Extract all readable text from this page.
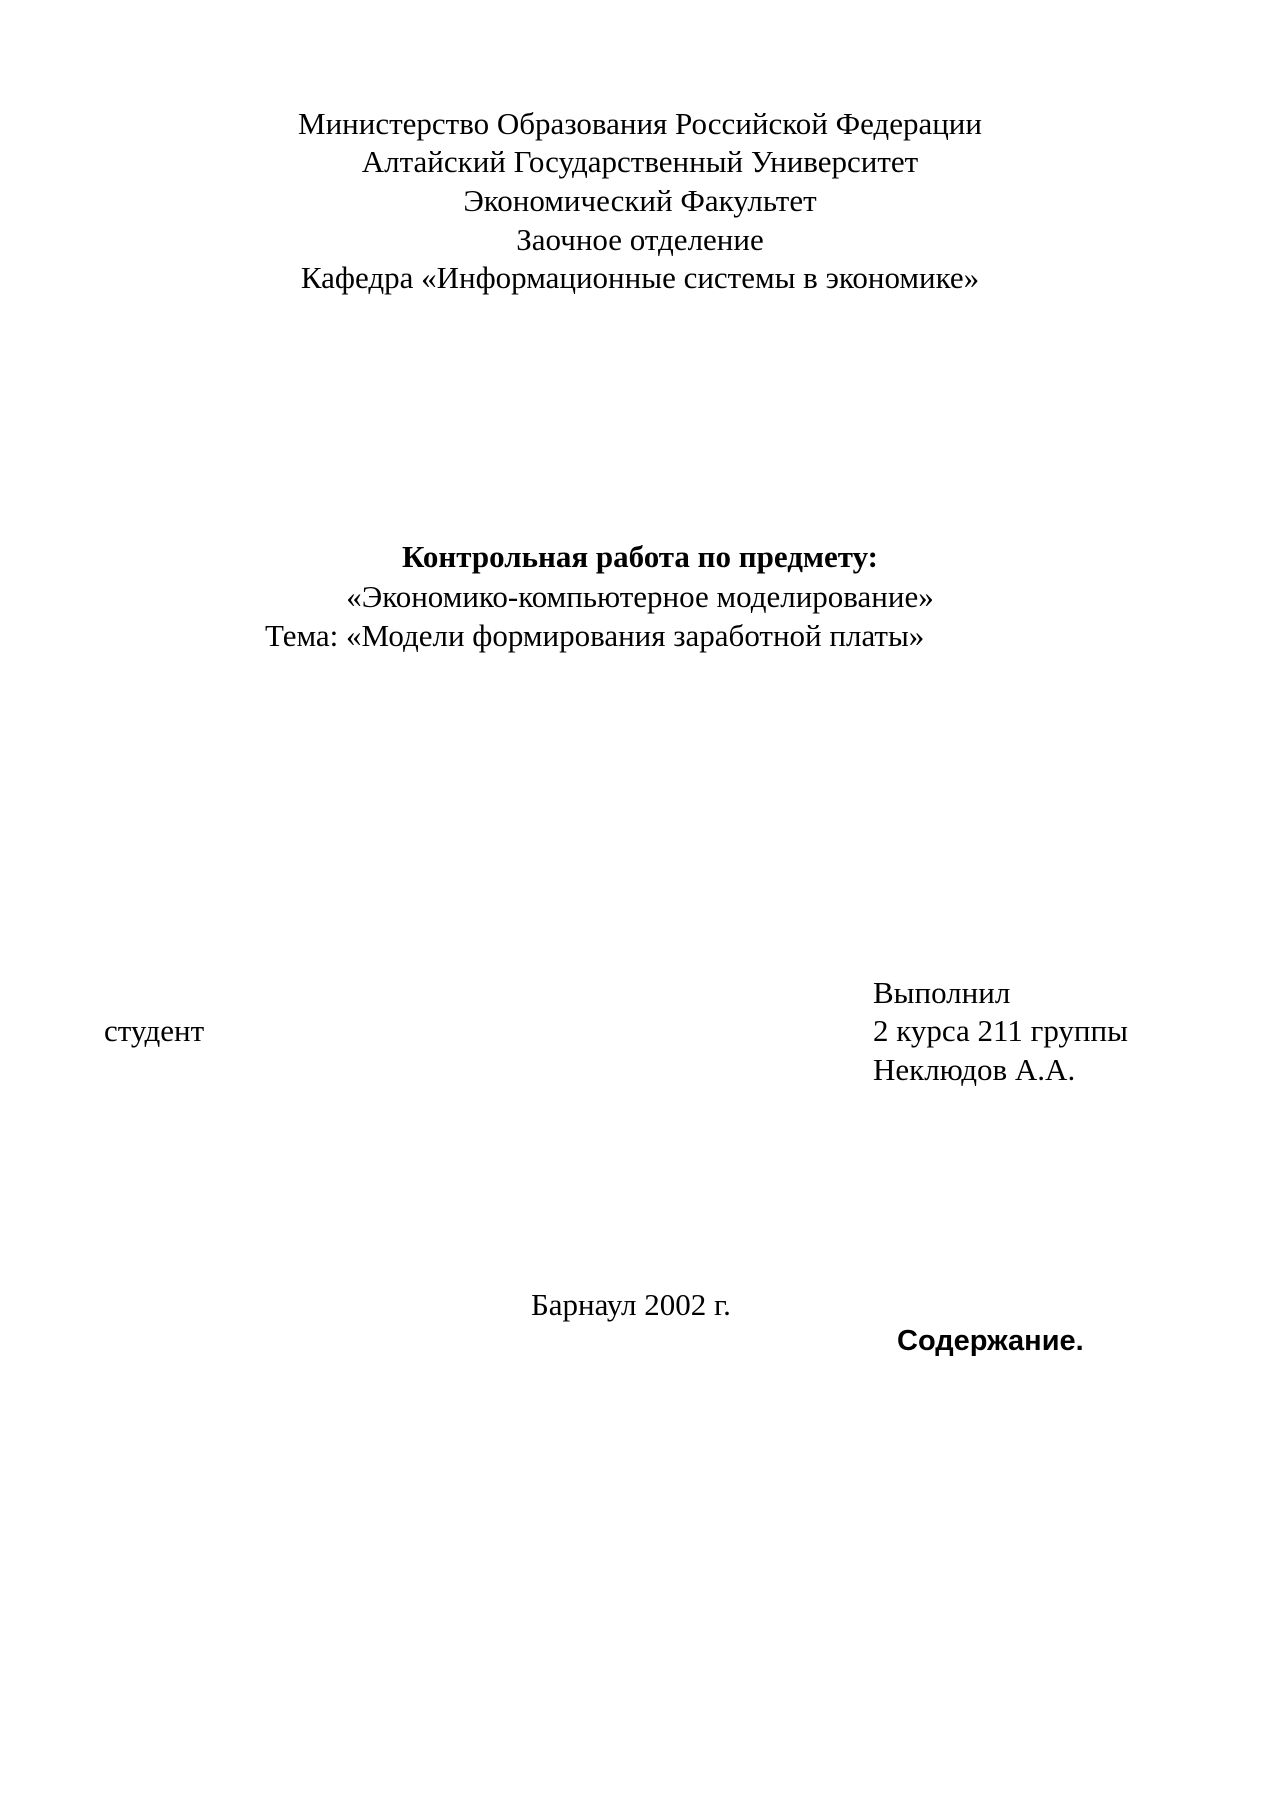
Министерство Образования Российской Федерации
Алтайский Государственный Университет
Экономический Факультет
Заочное отделение
Кафедра «Информационные системы в экономике»
Контрольная работа по предмету:
«Экономико-компьютерное моделирование»
Тема: «Модели формирования заработной платы»
Выполнил
студент	2 курса 211 группы
Неклюдов А.А.
Барнаул 2002 г.
Содержание.
